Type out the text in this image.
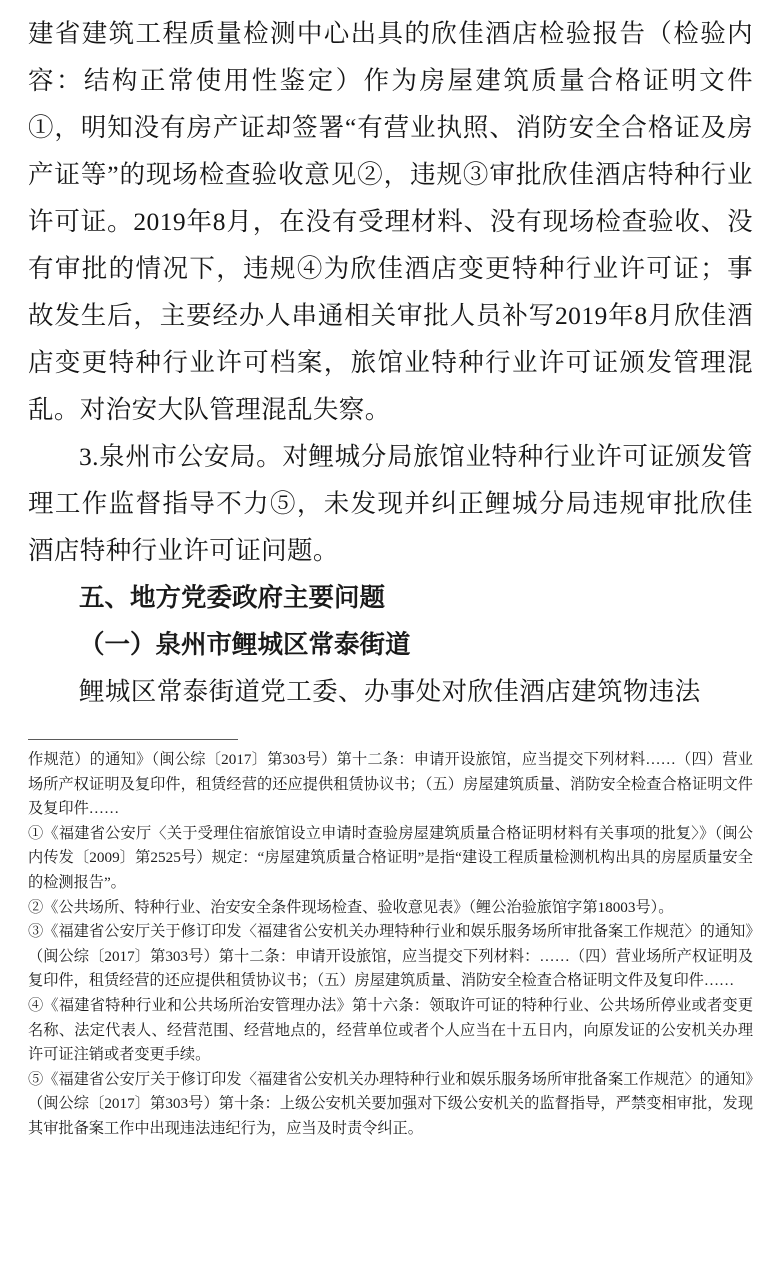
建省建筑工程质量检测中心出具的欣佳酒店检验报告（检验内容：结构正常使用性鉴定）作为房屋建筑质量合格证明文件①，明知没有房产证却签署“有营业执照、消防安全合格证及房产证等”的现场检查验收意见②，违规③审批欣佳酒店特种行业许可证。2019年8月，在没有受理材料、没有现场检查验收、没有审批的情况下，违规④为欣佳酒店变更特种行业许可证；事故发生后，主要经办人串通相关审批人员补写2019年8月欣佳酒店变更特种行业许可档案，旅馆业特种行业许可证颁发管理混乱。对治安大队管理混乱失察。

3.泉州市公安局。对鲤城分局旅馆业特种行业许可证颁发管理工作监督指导不力⑤，未发现并纠正鲤城分局违规审批欣佳酒店特种行业许可证问题。

五、地方党委政府主要问题

（一）泉州市鲤城区常泰街道

鲤城区常泰街道党工委、办事处对欣佳酒店建筑物违法

作规范）的通知》（闽公综〔2017〕第303号）第十二条：申请开设旅馆，应当提交下列材料……（四）营业场所产权证明及复印件，租赁经营的还应提供租赁协议书；（五）房屋建筑质量、消防安全检查合格证明文件及复印件……

①《福建省公安厅〈关于受理住宿旅馆设立申请时查验房屋建筑质量合格证明材料有关事项的批复〉》（闽公内传发〔2009〕第2525号）规定：“房屋建筑质量合格证明”是指“建设工程质量检测机构出具的房屋质量安全的检测报告”。

②《公共场所、特种行业、治安安全条件现场检查、验收意见表》（鲤公治验旅馆字第18003号）。

③《福建省公安厅关于修订印发〈福建省公安机关办理特种行业和娱乐服务场所审批备案工作规范〉的通知》（闽公综〔2017〕第303号）第十二条：申请开设旅馆，应当提交下列材料：……（四）营业场所产权证明及复印件，租赁经营的还应提供租赁协议书；（五）房屋建筑质量、消防安全检查合格证明文件及复印件……

④《福建省特种行业和公共场所治安管理办法》第十六条：领取许可证的特种行业、公共场所停业或者变更名称、法定代表人、经营范围、经营地点的，经营单位或者个人应当在十五日内，向原发证的公安机关办理许可证注销或者变更手续。

⑤《福建省公安厅关于修订印发〈福建省公安机关办理特种行业和娱乐服务场所审批备案工作规范〉的通知》（闽公综〔2017〕第303号）第十条：上级公安机关要加强对下级公安机关的监督指导，严禁变相审批，发现其审批备案工作中出现违法违纪行为，应当及时责令纠正。
